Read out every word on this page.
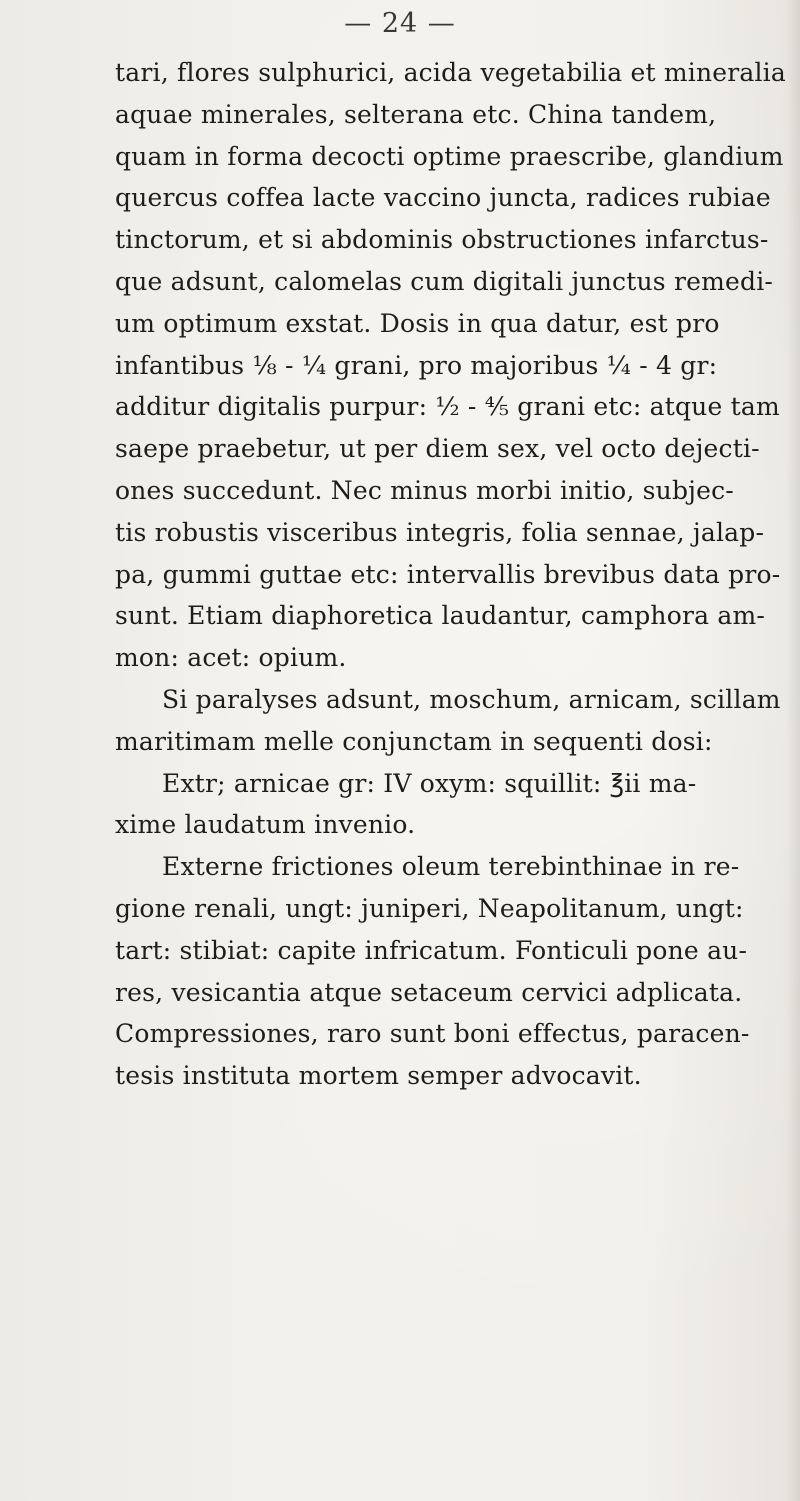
— 24 —
tari, flores sulphurici, acida vegetabilia et mineralia
aquae minerales, selterana etc. China tandem,
quam in forma decocti optime praescribe, glandium
quercus coffea lacte vaccino juncta, radices rubiae
tinctorum, et si abdominis obstructiones infarctus-
que adsunt, calomelas cum digitali junctus remedi-
um optimum exstat. Dosis in qua datur, est pro
infantibus ⅛ - ¼ grani, pro majoribus ¼ - 4 gr:
additur digitalis purpur: ½ - ⅘ grani etc: atque tam
saepe praebetur, ut per diem sex, vel octo dejecti-
ones succedunt. Nec minus morbi initio, subjec-
tis robustis visceribus integris, folia sennae, jalap-
pa, gummi guttae etc: intervallis brevibus data pro-
sunt. Etiam diaphoretica laudantur, camphora am-
mon: acet: opium.
Si paralyses adsunt, moschum, arnicam, scillam
maritimam melle conjunctam in sequenti dosi:
Extr; arnicae gr: IV oxym: squillit: ℥ii ma-
xime laudatum invenio.
Externe frictiones oleum terebinthinae in re-
gione renali, ungt: juniperi, Neapolitanum, ungt:
tart: stibiat: capite infricatum. Fonticuli pone au-
res, vesicantia atque setaceum cervici adplicata.
Compressiones, raro sunt boni effectus, paracen-
tesis instituta mortem semper advocavit.
